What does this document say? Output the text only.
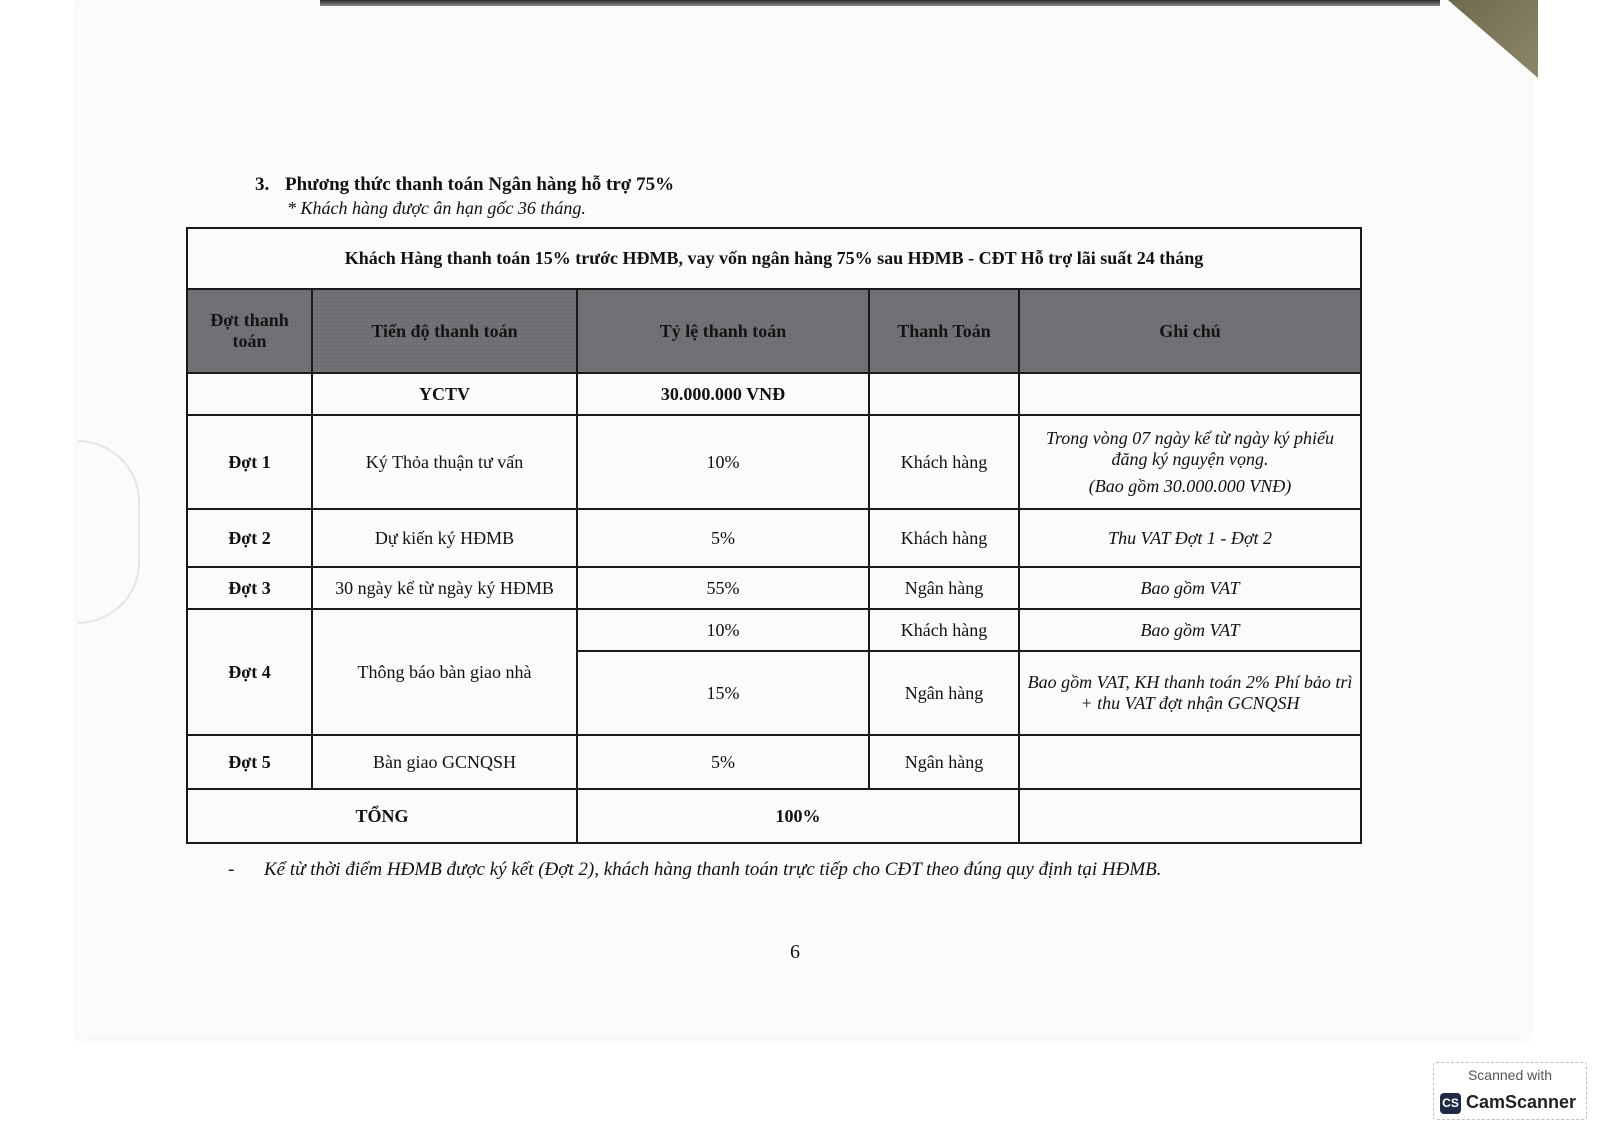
3. Phương thức thanh toán Ngân hàng hỗ trợ 75%
* Khách hàng được ân hạn gốc 36 tháng.
Khách Hàng thanh toán 15% trước HĐMB, vay vốn ngân hàng 75% sau HĐMB - CĐT Hỗ trợ lãi suất 24 tháng				
Đợt thanh toán	Tiến độ thanh toán	Tỷ lệ thanh toán	Thanh Toán	Ghi chú
	YCTV	30.000.000 VNĐ		
Đợt 1	Ký Thỏa thuận tư vấn	10%	Khách hàng	Trong vòng 07 ngày kể từ ngày ký phiếu đăng ký nguyện vọng.
(Bao gồm 30.000.000 VNĐ)

Đợt 2	Dự kiến ký HĐMB	5%	Khách hàng	Thu VAT Đợt 1 - Đợt 2
Đợt 3	30 ngày kể từ ngày ký HĐMB	55%	Ngân hàng	Bao gồm VAT
Đợt 4	Thông báo bàn giao nhà	10%	Khách hàng	Bao gồm VAT
		15%	Ngân hàng	Bao gồm VAT, KH thanh toán 2% Phí bảo trì + thu VAT đợt nhận GCNQSH
Đợt 5	Bàn giao GCNQSH	5%	Ngân hàng	
TỔNG		100%		
- Kể từ thời điểm HĐMB được ký kết (Đợt 2), khách hàng thanh toán trực tiếp cho CĐT theo đúng quy định tại HĐMB.
6
Scanned with
CS CamScanner
